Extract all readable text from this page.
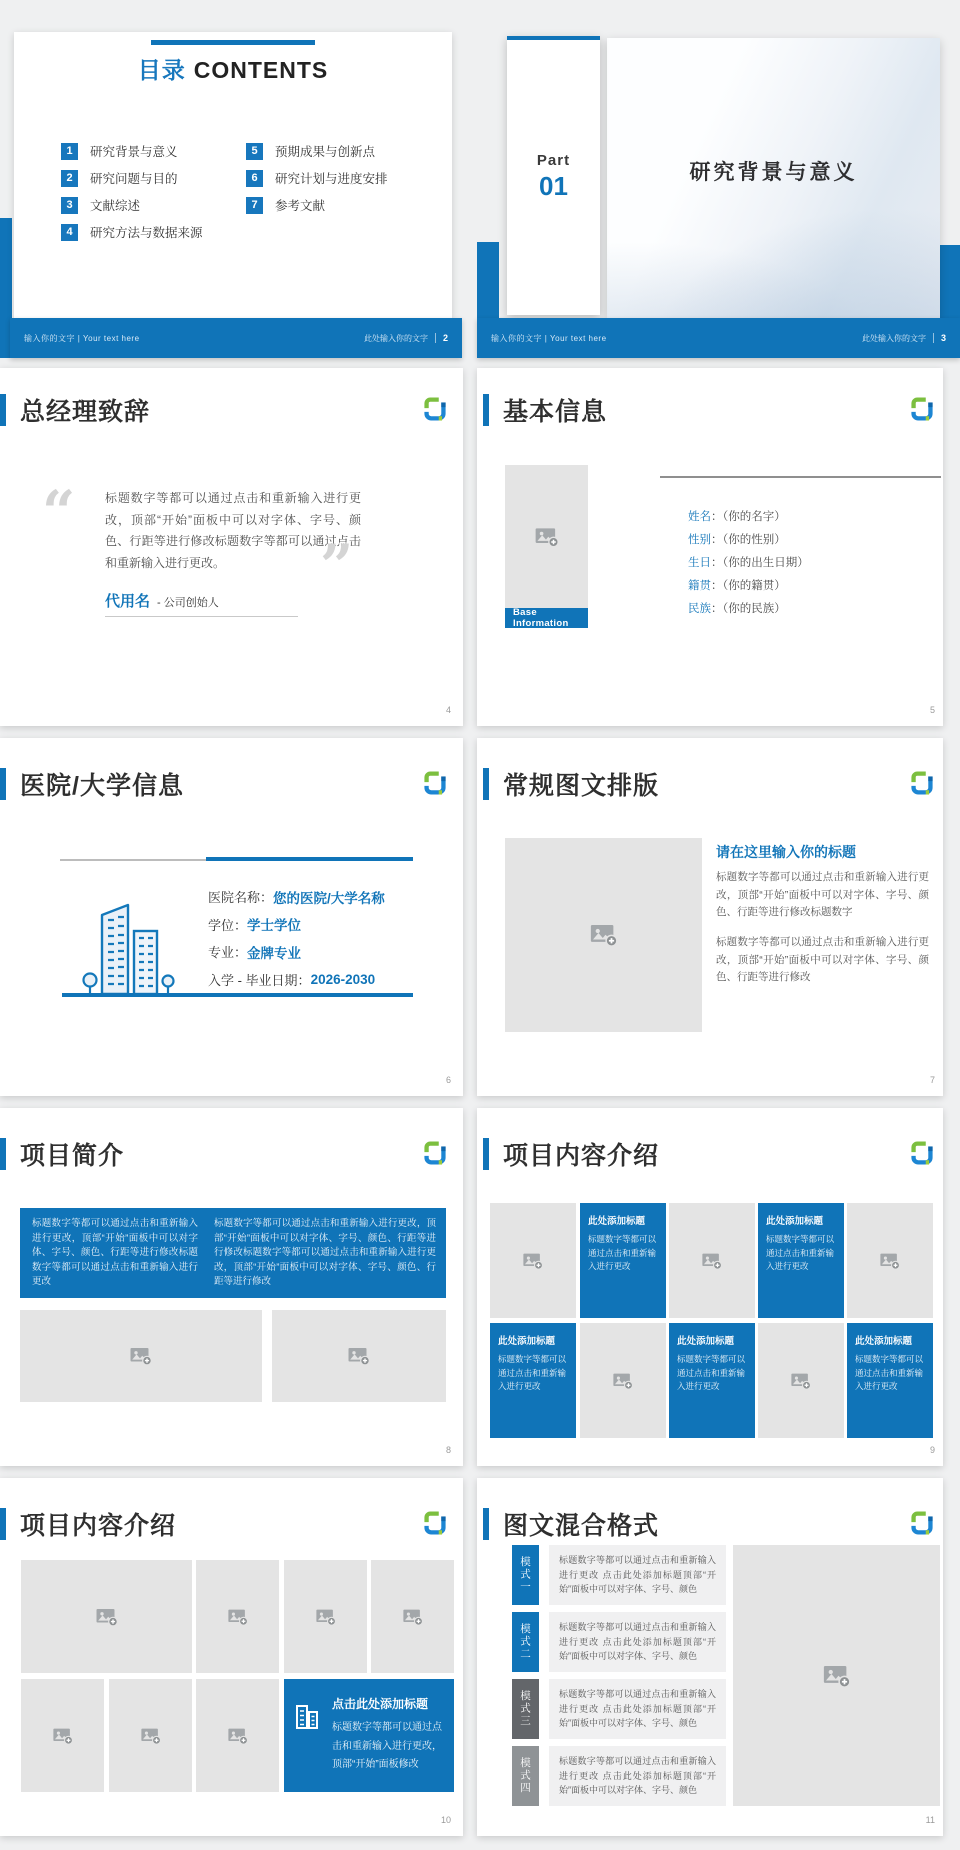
目录 CONTENTS
1	研究背景与意义
2	研究问题与目的
3	文献综述
4	研究方法与数据来源
5	预期成果与创新点
6	研究计划与进度安排
7	参考文献
输入你的文字 | Your text here	此处输入你的文字	2
研究背景与意义
Part
01
输入你的文字 | Your text here	此处输入你的文字	3
总经理致辞
“ 标题数字等都可以通过点击和重新输入进行更改，顶部“开始”面板中可以对字体、字号、颜色、行距等进行修改标题数字等都可以通过点击和重新输入进行更改。
代用名 - 公司创始人
”
4
基本信息
Base Information
姓名 ：（你的名字）
性别 ：（你的性别）
生日 ：（你的出生日期）
籍贯 ：（你的籍贯）
民族 ：（你的民族）
5
医院/大学信息
医院名称： 您的医院/大学名称
学位： 学士学位
专业： 金牌专业
入学 - 毕业日期： 2026-2030
6
常规图文排版
请在这里输入你的标题
标题数字等都可以通过点击和重新输入进行更改，顶部“开始”面板中可以对字体、字号、颜色、行距等进行修改标题数字
标题数字等都可以通过点击和重新输入进行更改，顶部“开始”面板中可以对字体、字号、颜色、行距等进行修改
7
项目简介
标题数字等都可以通过点击和重新输入进行更改，顶部“开始”面板中可以对字体、字号、颜色、行距等进行修改标题数字等都可以通过点击和重新输入进行更改
标题数字等都可以通过点击和重新输入进行更改，顶部“开始”面板中可以对字体、字号、颜色、行距等进行修改标题数字等都可以通过点击和重新输入进行更改，顶部“开始”面板中可以对字体、字号、颜色、行距等进行修改
8
项目内容介绍
此处添加标题
标题数字等都可以通过点击和重新输入进行更改
此处添加标题
标题数字等都可以通过点击和重新输入进行更改
此处添加标题
标题数字等都可以通过点击和重新输入进行更改
此处添加标题
标题数字等都可以通过点击和重新输入进行更改
此处添加标题
标题数字等都可以通过点击和重新输入进行更改
9
项目内容介绍
点击此处添加标题
标题数字等都可以通过点击和重新输入进行更改，顶部“开始”面板修改
10
图文混合格式
模式一	标题数字等都可以通过点击和重新输入进行更改 点击此处添加标题顶部“开始”面板中可以对字体、字号、颜色
模式二	标题数字等都可以通过点击和重新输入进行更改 点击此处添加标题顶部“开始”面板中可以对字体、字号、颜色
模式三	标题数字等都可以通过点击和重新输入进行更改 点击此处添加标题顶部“开始”面板中可以对字体、字号、颜色
模式四	标题数字等都可以通过点击和重新输入进行更改 点击此处添加标题顶部“开始”面板中可以对字体、字号、颜色
11
